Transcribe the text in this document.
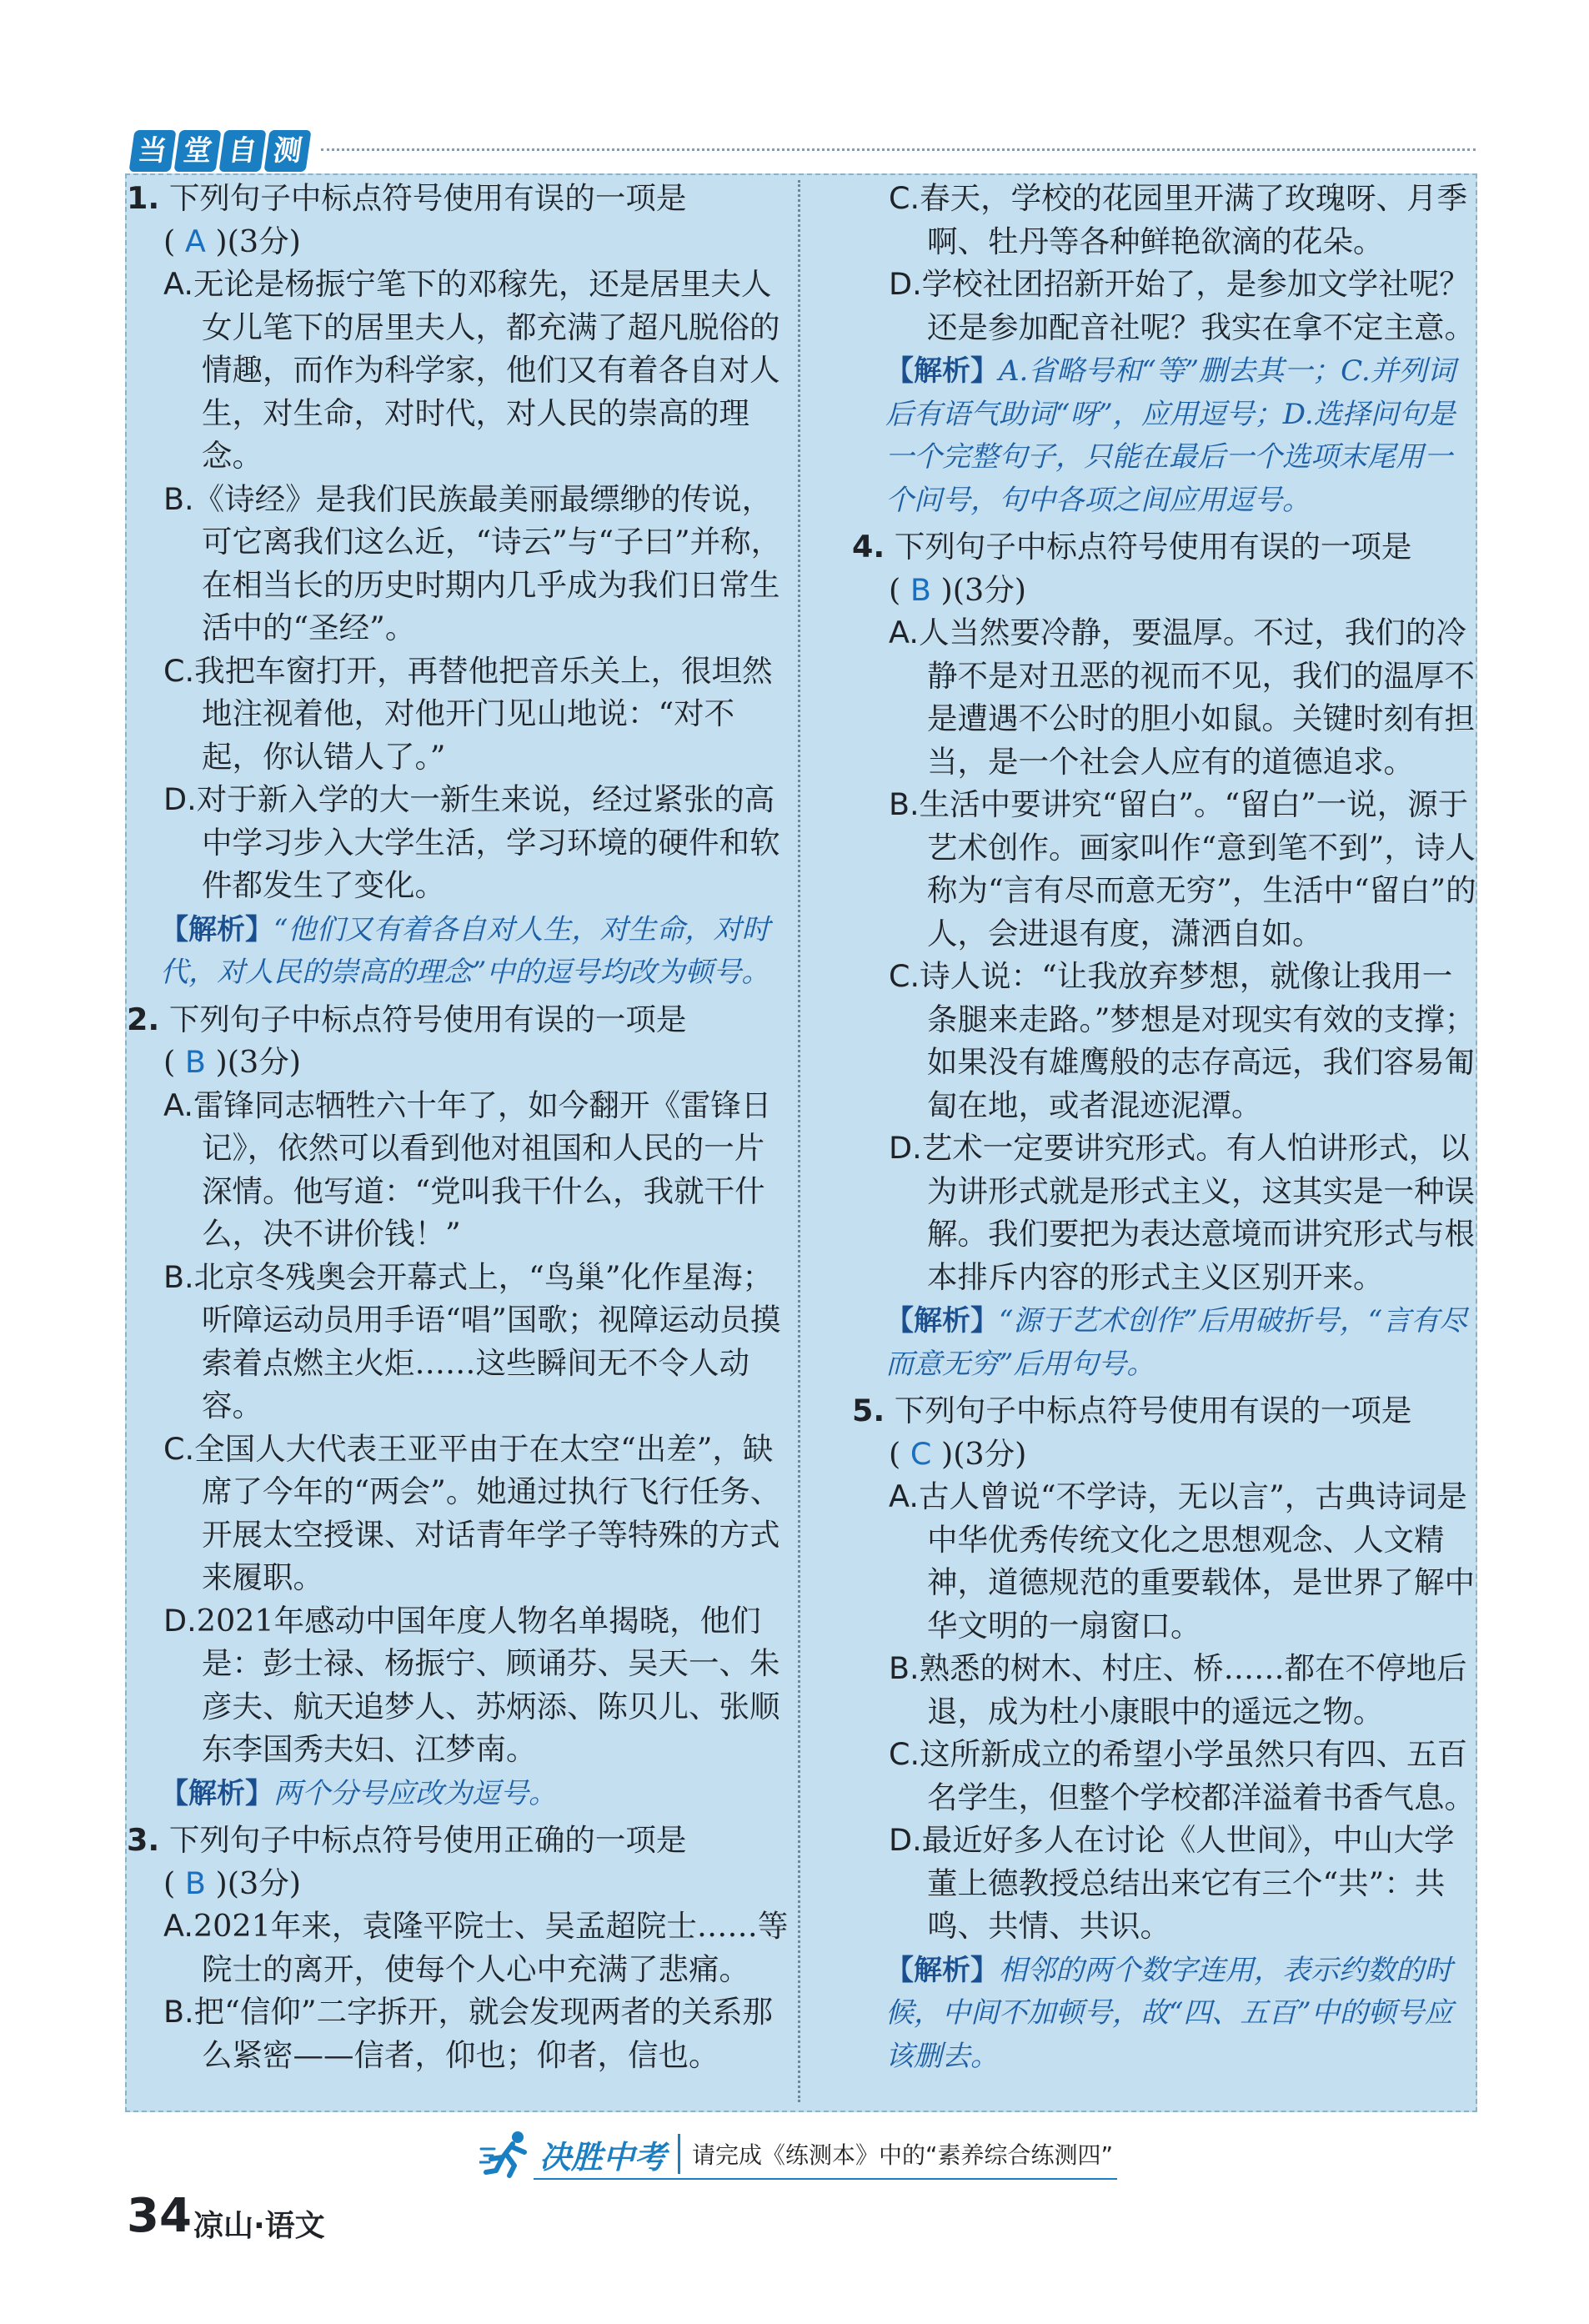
当 堂 自 测

1. 下列句子中标点符号使用有误的一项是

( A )(3分)

A.无论是杨振宁笔下的邓稼先，还是居里夫人女儿笔下的居里夫人，都充满了超凡脱俗的情趣，而作为科学家，他们又有着各自对人生，对生命，对时代，对人民的崇高的理念。

B.《诗经》是我们民族最美丽最缥缈的传说，可它离我们这么近，“诗云”与“子曰”并称，在相当长的历史时期内几乎成为我们日常生活中的“圣经”。

C.我把车窗打开，再替他把音乐关上，很坦然地注视着他，对他开门见山地说：“对不起，你认错人了。”

D.对于新入学的大一新生来说，经过紧张的高中学习步入大学生活，学习环境的硬件和软件都发生了变化。

【解析】“他们又有着各自对人生，对生命，对时代，对人民的崇高的理念”中的逗号均改为顿号。

2. 下列句子中标点符号使用有误的一项是

( B )(3分)

A.雷锋同志牺牲六十年了，如今翻开《雷锋日记》，依然可以看到他对祖国和人民的一片深情。他写道：“党叫我干什么，我就干什么，决不讲价钱！”

B.北京冬残奥会开幕式上，“鸟巢”化作星海；听障运动员用手语“唱”国歌；视障运动员摸索着点燃主火炬……这些瞬间无不令人动容。

C.全国人大代表王亚平由于在太空“出差”，缺席了今年的“两会”。她通过执行飞行任务、开展太空授课、对话青年学子等特殊的方式来履职。

D.2021年感动中国年度人物名单揭晓，他们是：彭士禄、杨振宁、顾诵芬、吴天一、朱彦夫、航天追梦人、苏炳添、陈贝儿、张顺东李国秀夫妇、江梦南。

【解析】两个分号应改为逗号。

3. 下列句子中标点符号使用正确的一项是

( B )(3分)

A.2021年来，袁隆平院士、吴孟超院士……等院士的离开，使每个人心中充满了悲痛。

B.把“信仰”二字拆开，就会发现两者的关系那么紧密——信者，仰也；仰者，信也。

C.春天，学校的花园里开满了玫瑰呀、月季啊、牡丹等各种鲜艳欲滴的花朵。

D.学校社团招新开始了，是参加文学社呢？还是参加配音社呢？我实在拿不定主意。

【解析】A.省略号和“等”删去其一；C.并列词后有语气助词“呀”，应用逗号；D.选择问句是一个完整句子，只能在最后一个选项末尾用一个问号，句中各项之间应用逗号。

4. 下列句子中标点符号使用有误的一项是

( B )(3分)

A.人当然要冷静，要温厚。不过，我们的冷静不是对丑恶的视而不见，我们的温厚不是遭遇不公时的胆小如鼠。关键时刻有担当，是一个社会人应有的道德追求。

B.生活中要讲究“留白”。“留白”一说，源于艺术创作。画家叫作“意到笔不到”，诗人称为“言有尽而意无穷”，生活中“留白”的人，会进退有度，潇洒自如。

C.诗人说：“让我放弃梦想，就像让我用一条腿来走路。”梦想是对现实有效的支撑；如果没有雄鹰般的志存高远，我们容易匍匐在地，或者混迹泥潭。

D.艺术一定要讲究形式。有人怕讲形式，以为讲形式就是形式主义，这其实是一种误解。我们要把为表达意境而讲究形式与根本排斥内容的形式主义区别开来。

【解析】“源于艺术创作”后用破折号，“言有尽而意无穷”后用句号。

5. 下列句子中标点符号使用有误的一项是

( C )(3分)

A.古人曾说“不学诗，无以言”，古典诗词是中华优秀传统文化之思想观念、人文精神，道德规范的重要载体，是世界了解中华文明的一扇窗口。

B.熟悉的树木、村庄、桥……都在不停地后退，成为杜小康眼中的遥远之物。

C.这所新成立的希望小学虽然只有四、五百名学生，但整个学校都洋溢着书香气息。

D.最近好多人在讨论《人世间》，中山大学董上德教授总结出来它有三个“共”：共鸣、共情、共识。

【解析】相邻的两个数字连用，表示约数的时候，中间不加顿号，故“四、五百”中的顿号应该删去。

决胜中考 请完成《练测本》中的“素养综合练测四”
34 凉山·语文
